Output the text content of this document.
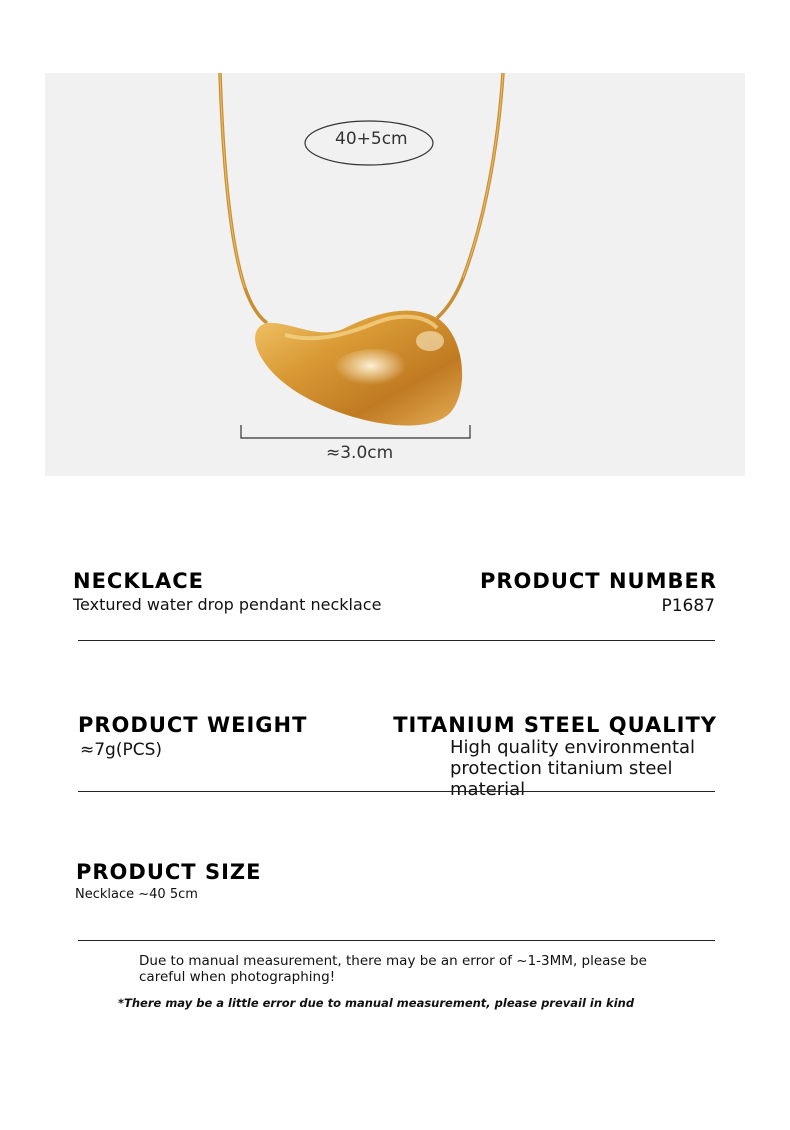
40+5cm
≈3.0cm
NECKLACE
Textured water drop pendant necklace
PRODUCT NUMBER
P1687
PRODUCT WEIGHT
≈7g(PCS)
TITANIUM STEEL QUALITY
High quality environmental
protection titanium steel
material
PRODUCT SIZE
Necklace ~40 5cm
Due to manual measurement, there may be an error of ~1-3MM, please be
careful when photographing!
*There may be a little error due to manual measurement, please prevail in kind
